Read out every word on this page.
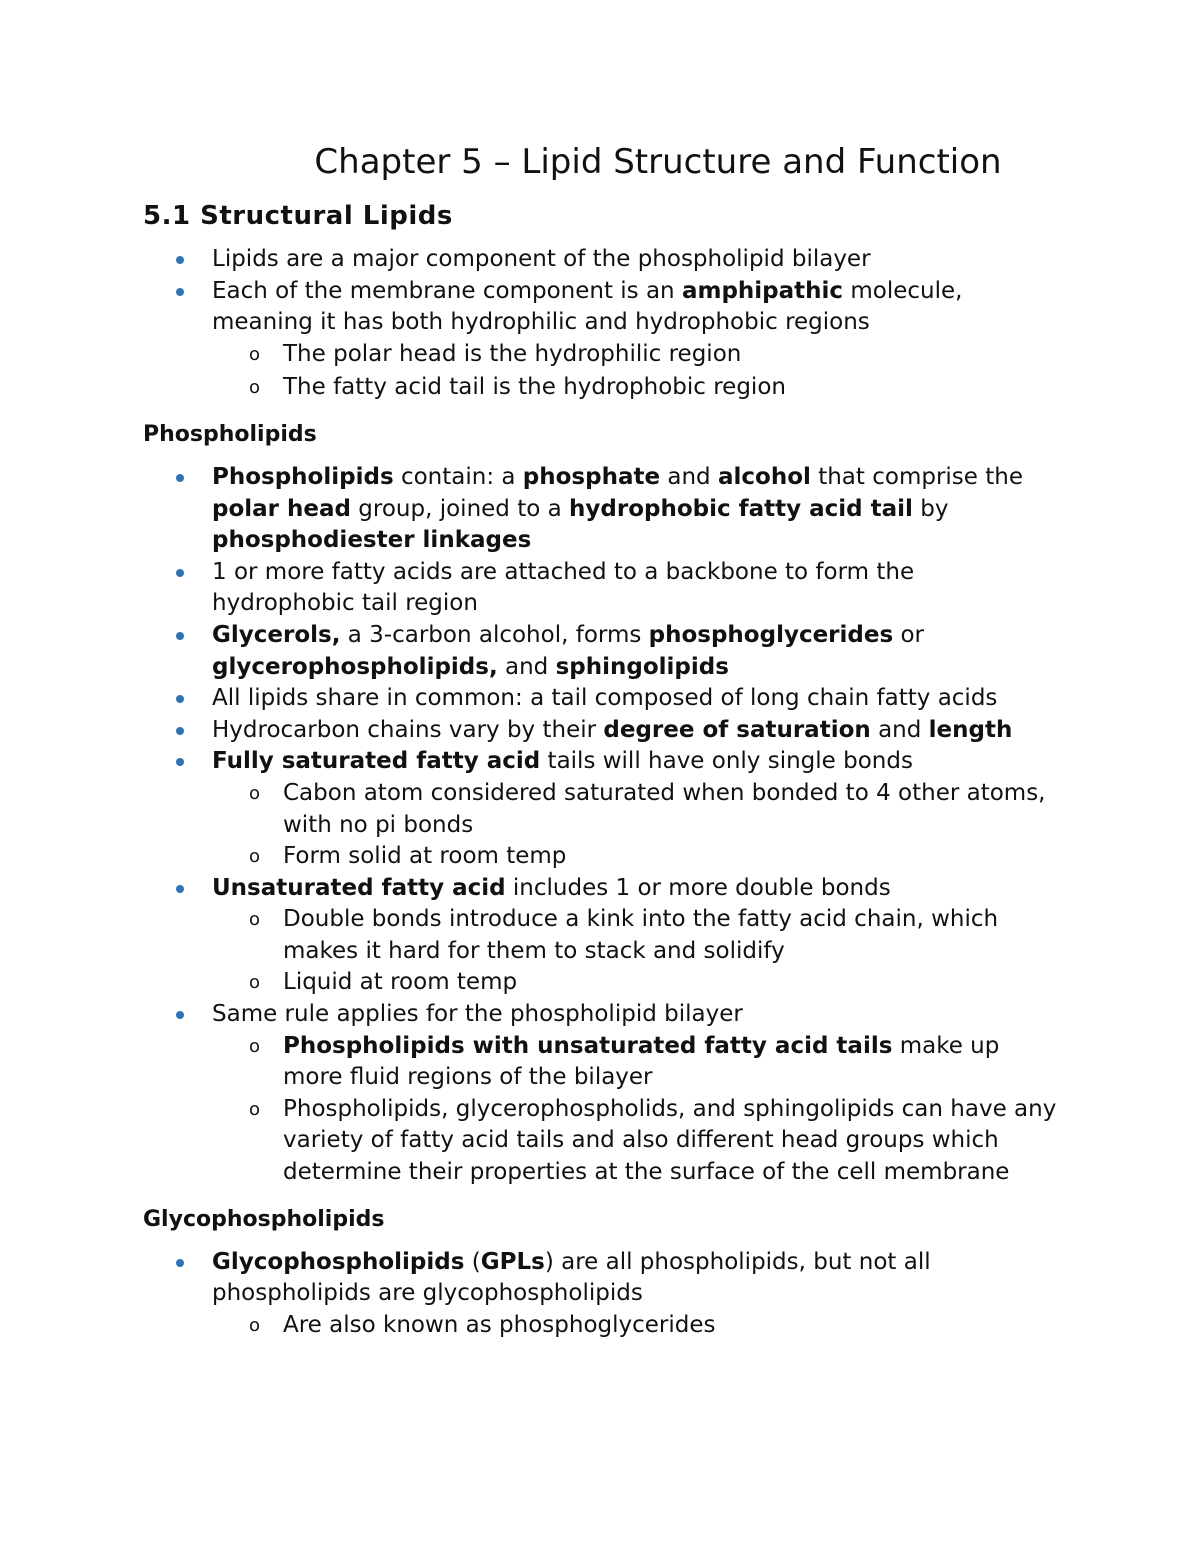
Chapter 5 – Lipid Structure and Function
5.1 Structural Lipids
Lipids are a major component of the phospholipid bilayer
Each of the membrane component is an amphipathic molecule, meaning it has both hydrophilic and hydrophobic regions
o The polar head is the hydrophilic region
o The fatty acid tail is the hydrophobic region
Phospholipids
Phospholipids contain: a phosphate and alcohol that comprise the polar head group, joined to a hydrophobic fatty acid tail by phosphodiester linkages
1 or more fatty acids are attached to a backbone to form the hydrophobic tail region
Glycerols, a 3-carbon alcohol, forms phosphoglycerides or glycerophospholipids, and sphingolipids
All lipids share in common: a tail composed of long chain fatty acids
Hydrocarbon chains vary by their degree of saturation and length
Fully saturated fatty acid tails will have only single bonds
o Cabon atom considered saturated when bonded to 4 other atoms, with no pi bonds
o Form solid at room temp
Unsaturated fatty acid includes 1 or more double bonds
o Double bonds introduce a kink into the fatty acid chain, which makes it hard for them to stack and solidify
o Liquid at room temp
Same rule applies for the phospholipid bilayer
o Phospholipids with unsaturated fatty acid tails make up more fluid regions of the bilayer
o Phospholipids, glycerophospholids, and sphingolipids can have any variety of fatty acid tails and also different head groups which determine their properties at the surface of the cell membrane
Glycophospholipids
Glycophospholipids (GPLs) are all phospholipids, but not all phospholipids are glycophospholipids
o Are also known as phosphoglycerides
